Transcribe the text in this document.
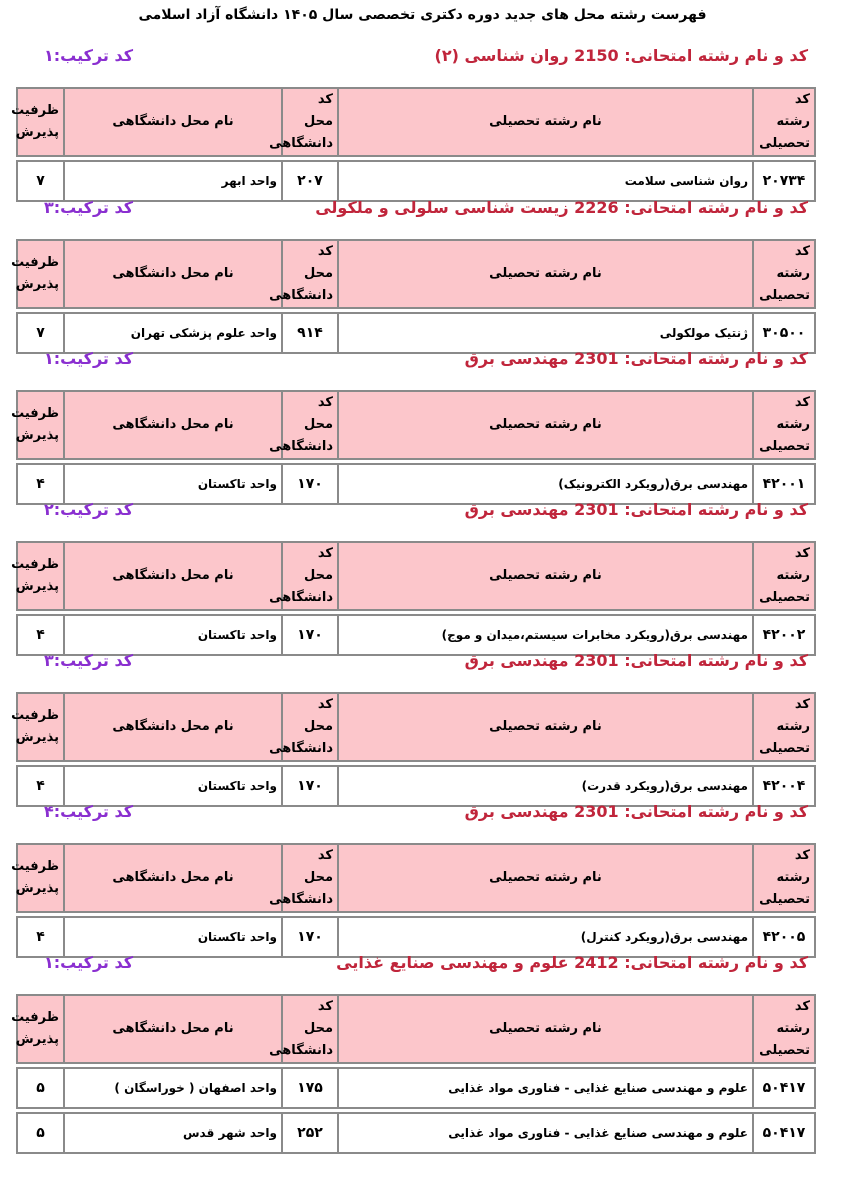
فهرست رشته محل های جدید دوره دکتری تخصصی سال ۱۴۰۵ دانشگاه آزاد اسلامی
کد و نام رشته امتحانی: 2150 روان شناسی (۲)
کد ترکیب:۱
کد رشته تحصیلی	نام رشته تحصیلی	کد محل دانشگاهی	نام محل دانشگاهی	ظرفیت پذیرش

۲۰۷۳۴	روان شناسی سلامت	۲۰۷	واحد ابهر	۷
کد و نام رشته امتحانی: 2226 زیست شناسی سلولی و ملکولی
کد ترکیب:۳
کد رشته تحصیلی	نام رشته تحصیلی	کد محل دانشگاهی	نام محل دانشگاهی	ظرفیت پذیرش

۳۰۵۰۰	ژنتیک مولکولی	۹۱۴	واحد علوم پزشکی تهران	۷
کد و نام رشته امتحانی: 2301 مهندسی برق
کد ترکیب:۱
کد رشته تحصیلی	نام رشته تحصیلی	کد محل دانشگاهی	نام محل دانشگاهی	ظرفیت پذیرش

۴۲۰۰۱	مهندسی برق(رویکرد الکترونیک)	۱۷۰	واحد تاکستان	۴
کد و نام رشته امتحانی: 2301 مهندسی برق
کد ترکیب:۲
کد رشته تحصیلی	نام رشته تحصیلی	کد محل دانشگاهی	نام محل دانشگاهی	ظرفیت پذیرش

۴۲۰۰۲	مهندسی برق(رویکرد مخابرات سیستم،میدان و موج)	۱۷۰	واحد تاکستان	۴
کد و نام رشته امتحانی: 2301 مهندسی برق
کد ترکیب:۳
کد رشته تحصیلی	نام رشته تحصیلی	کد محل دانشگاهی	نام محل دانشگاهی	ظرفیت پذیرش

۴۲۰۰۴	مهندسی برق(رویکرد قدرت)	۱۷۰	واحد تاکستان	۴
کد و نام رشته امتحانی: 2301 مهندسی برق
کد ترکیب:۴
کد رشته تحصیلی	نام رشته تحصیلی	کد محل دانشگاهی	نام محل دانشگاهی	ظرفیت پذیرش

۴۲۰۰۵	مهندسی برق(رویکرد کنترل)	۱۷۰	واحد تاکستان	۴
کد و نام رشته امتحانی: 2412 علوم و مهندسی صنایع غذایی
کد ترکیب:۱
کد رشته تحصیلی	نام رشته تحصیلی	کد محل دانشگاهی	نام محل دانشگاهی	ظرفیت پذیرش

۵۰۴۱۷	علوم و مهندسی صنایع غذایی - فناوری مواد غذایی	۱۷۵	واحد اصفهان ( خوراسگان )	۵

۵۰۴۱۷	علوم و مهندسی صنایع غذایی - فناوری مواد غذایی	۲۵۲	واحد شهر قدس	۵
